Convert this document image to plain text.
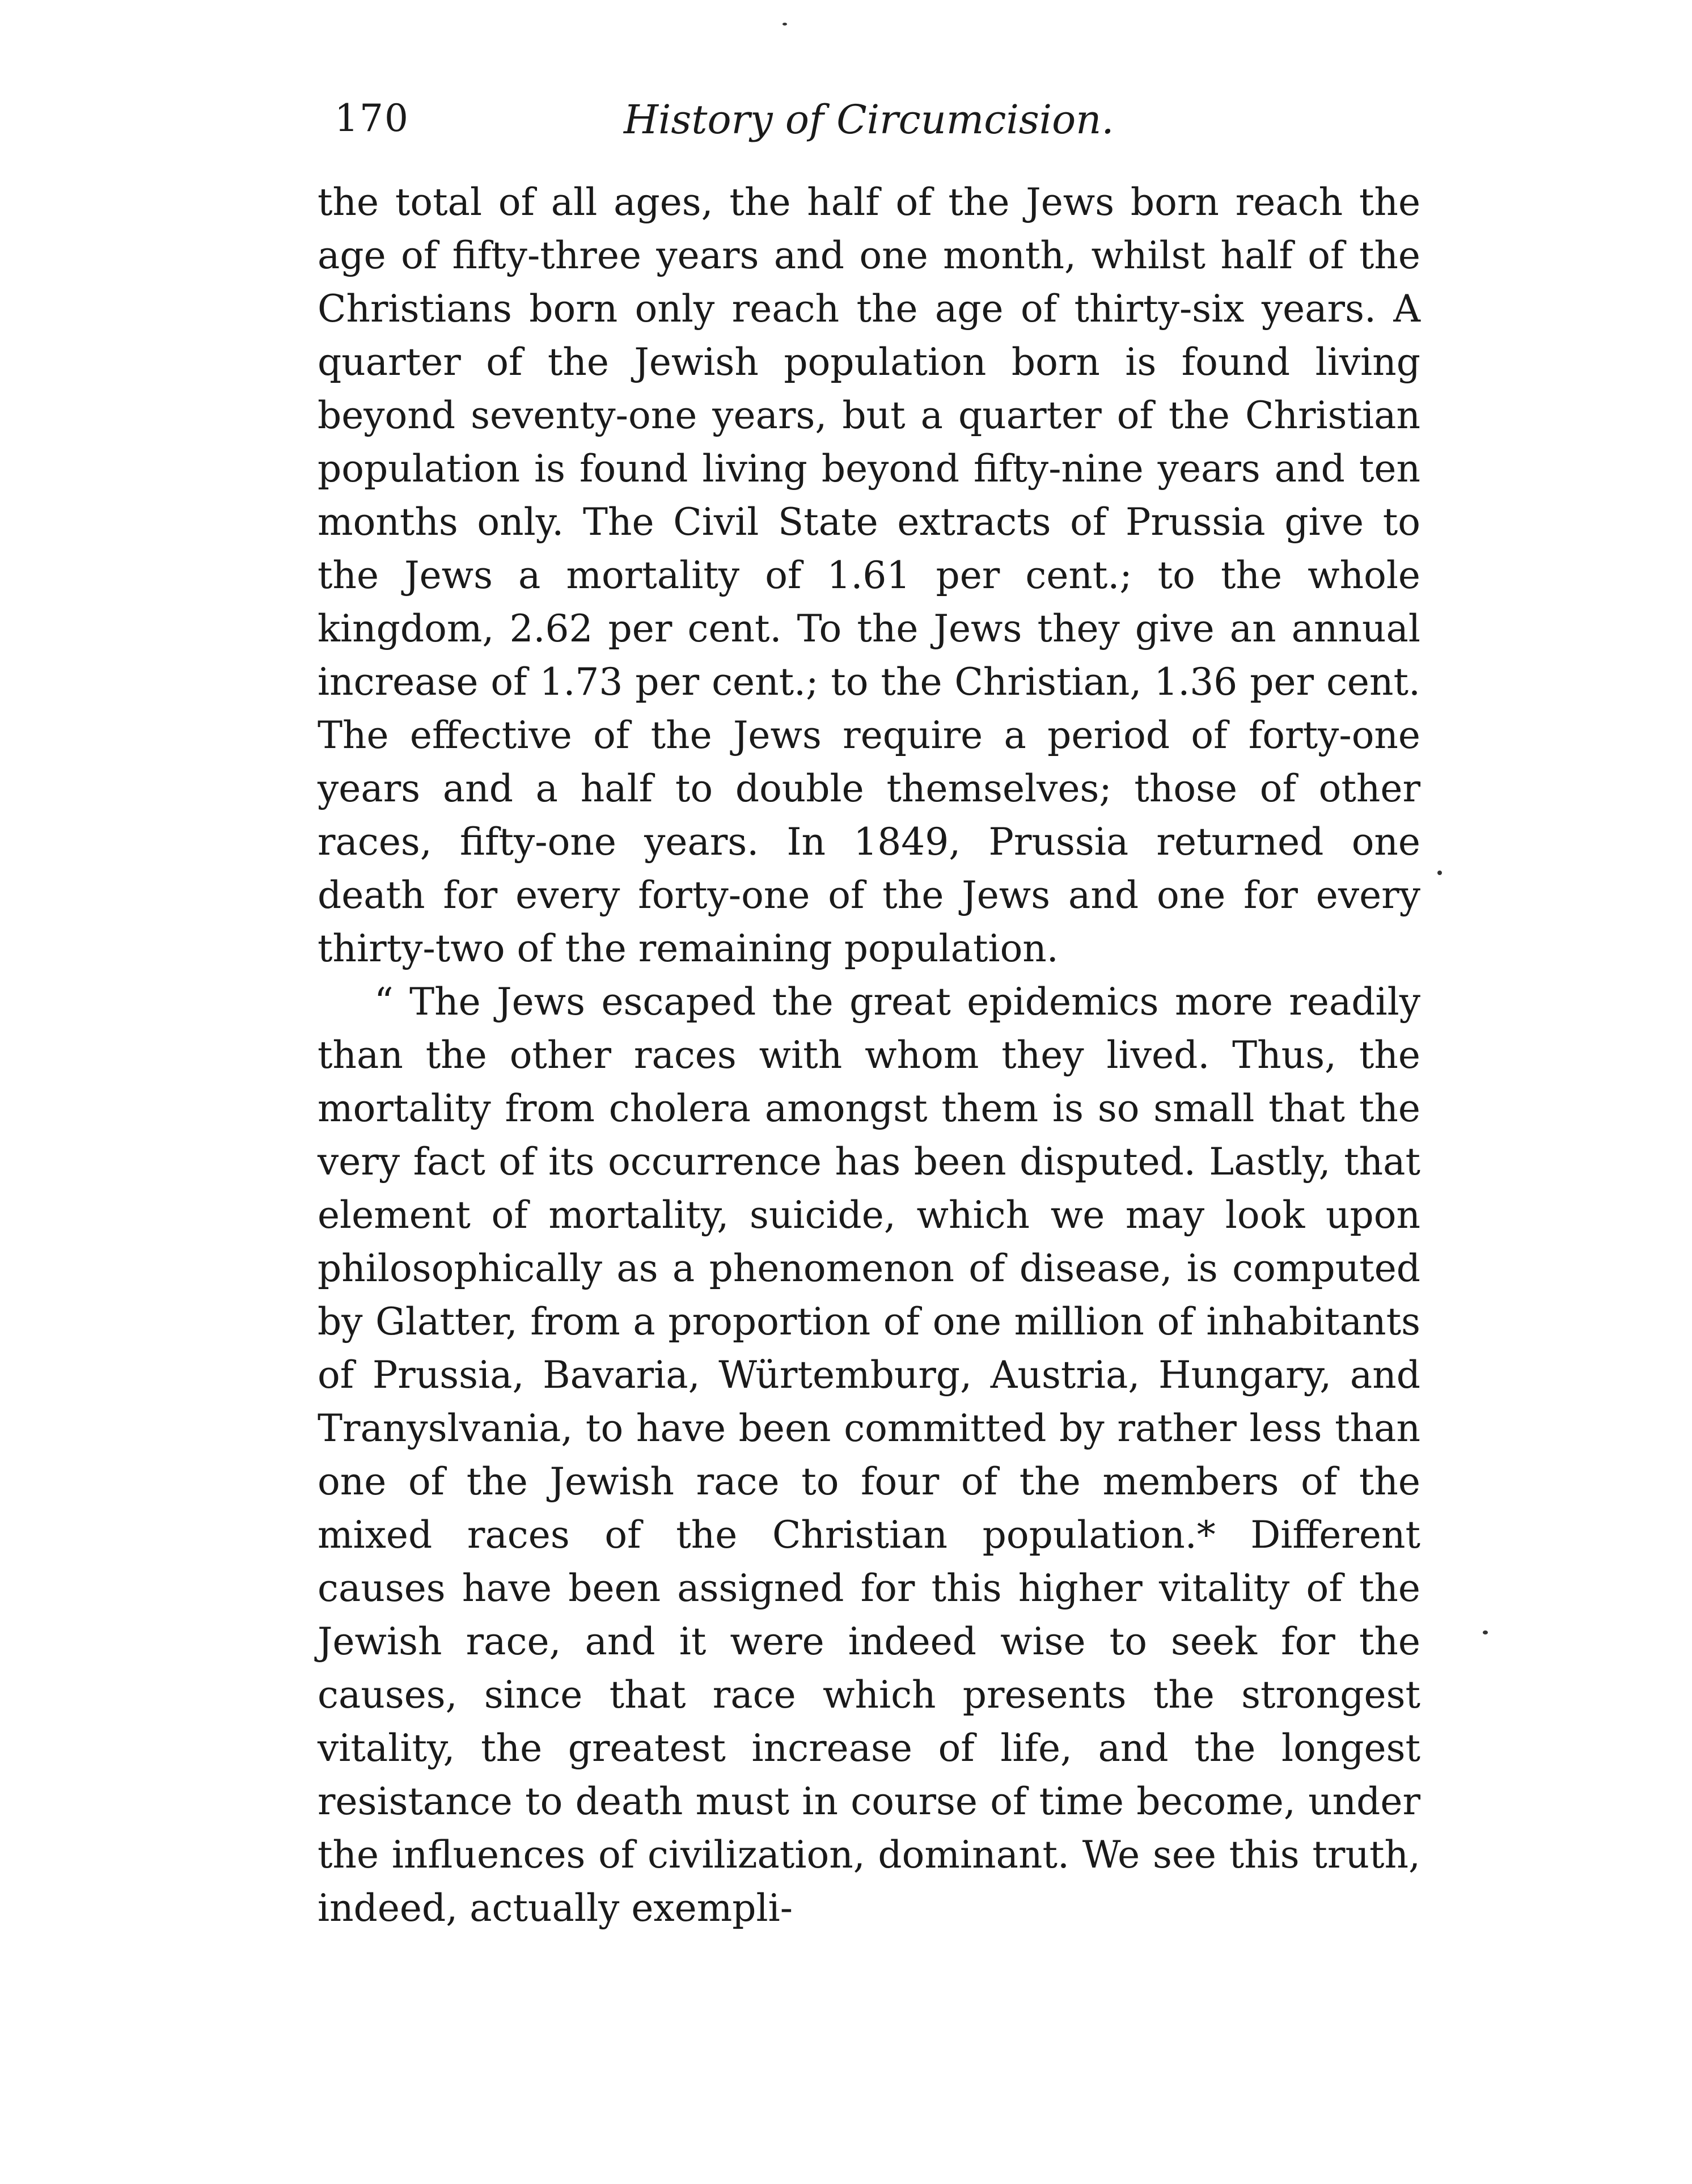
170	History of Circumcision.

the total of all ages, the half of the Jews born reach the age of fifty-three years and one month, whilst half of the Christians born only reach the age of thirty-six years. A quarter of the Jewish population born is found living beyond seventy-one years, but a quarter of the Christian population is found living beyond fifty-nine years and ten months only. The Civil State extracts of Prussia give to the Jews a mortality of 1.61 per cent.; to the whole kingdom, 2.62 per cent. To the Jews they give an annual increase of 1.73 per cent.; to the Christian, 1.36 per cent. The effective of the Jews require a period of forty-one years and a half to double themselves; those of other races, fifty-one years. In 1849, Prussia returned one death for every forty-one of the Jews and one for every thirty-two of the remaining population.

“ The Jews escaped the great epidemics more readily than the other races with whom they lived. Thus, the mortality from cholera amongst them is so small that the very fact of its occurrence has been disputed. Lastly, that element of mortality, suicide, which we may look upon philosophically as a phenomenon of disease, is computed by Glatter, from a proportion of one million of inhabitants of Prussia, Bavaria, Würtemburg, Austria, Hungary, and Tranyslvania, to have been committed by rather less than one of the Jewish race to four of the members of the mixed races of the Christian population.* Different causes have been assigned for this higher vitality of the Jewish race, and it were indeed wise to seek for the causes, since that race which presents the strongest vitality, the greatest increase of life, and the longest resistance to death must in course of time become, under the influences of civilization, dominant. We see this truth, indeed, actually exempli-
